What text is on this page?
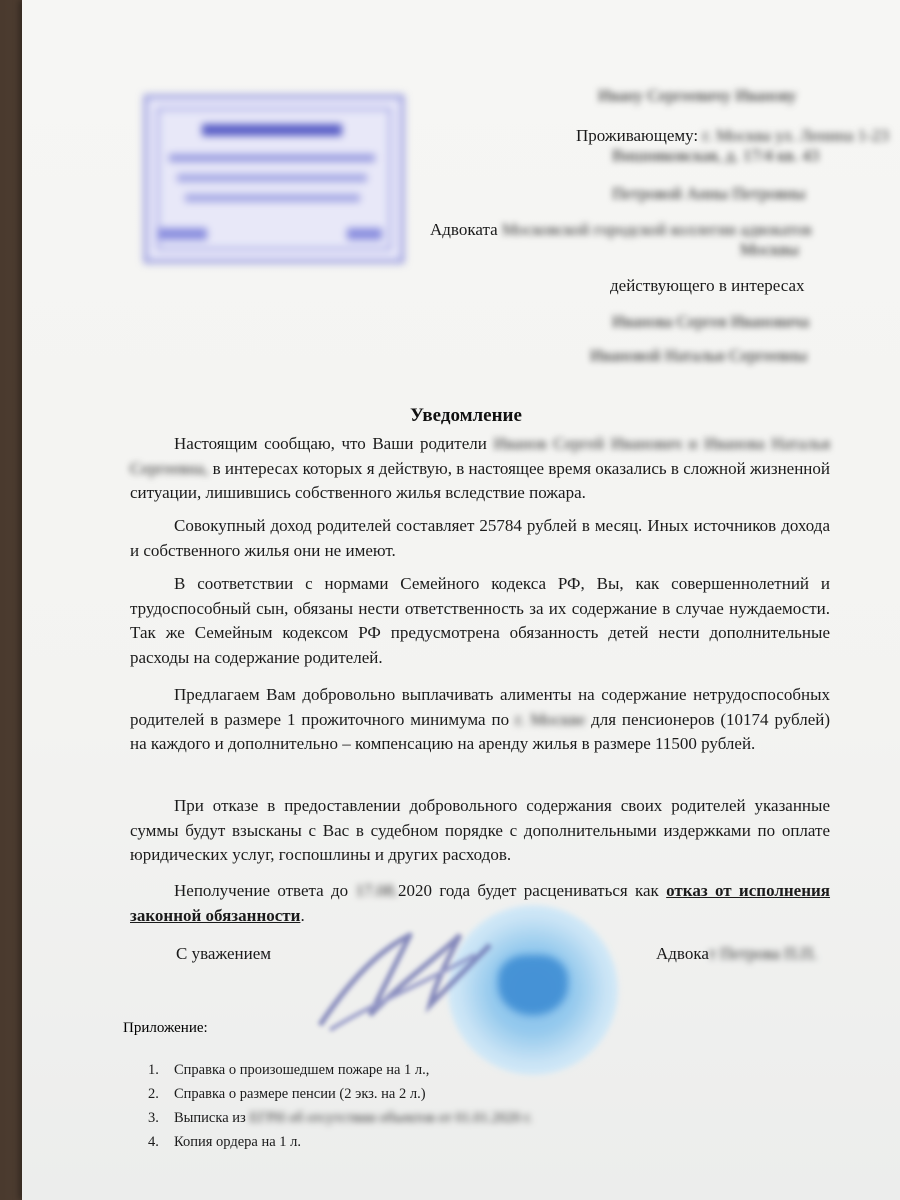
Ивану Сергеевичу Иванову
Проживающему: г. Москва ул. Ленина 1-23
Вишняковская, д. 17/4 кв. 43
Петровой Анны Петровны
Адвоката Московской городской коллегии адвокатов
Москвы
действующего в интересах
Иванова Сергея Ивановича
Ивановой Натальи Сергеевны
Уведомление
Настоящим сообщаю, что Ваши родители Иванов Сергей Иванович и Иванова Наталья Сергеевна, в интересах которых я действую, в настоящее время оказались в сложной жизненной ситуации, лишившись собственного жилья вследствие пожара.
Совокупный доход родителей составляет 25784 рублей в месяц. Иных источников дохода и собственного жилья они не имеют.
В соответствии с нормами Семейного кодекса РФ, Вы, как совершеннолетний и трудоспособный сын, обязаны нести ответственность за их содержание в случае нуждаемости. Так же Семейным кодексом РФ предусмотрена обязанность детей нести дополнительные расходы на содержание родителей.
Предлагаем Вам добровольно выплачивать алименты на содержание нетрудоспособных родителей в размере 1 прожиточного минимума по г. Москве для пенсионеров (10174 рублей) на каждого и дополнительно – компенсацию на аренду жилья в размере 11500 рублей.
При отказе в предоставлении добровольного содержания своих родителей указанные суммы будут взысканы с Вас в судебном порядке с дополнительными издержками по оплате юридических услуг, госпошлины и других расходов.
Неполучение ответа до 17.08.2020 года будет расцениваться как отказ от исполнения законной обязанности.
С уважением	Адвокат Петрова П.П.
Приложение:
1. Справка о произошедшем пожаре на 1 л.,
2. Справка о размере пенсии (2 экз. на 2 л.)
3. Выписка из ЕГРН об отсутствии объектов от 01.01.2020 г.
4. Копия ордера на 1 л.
